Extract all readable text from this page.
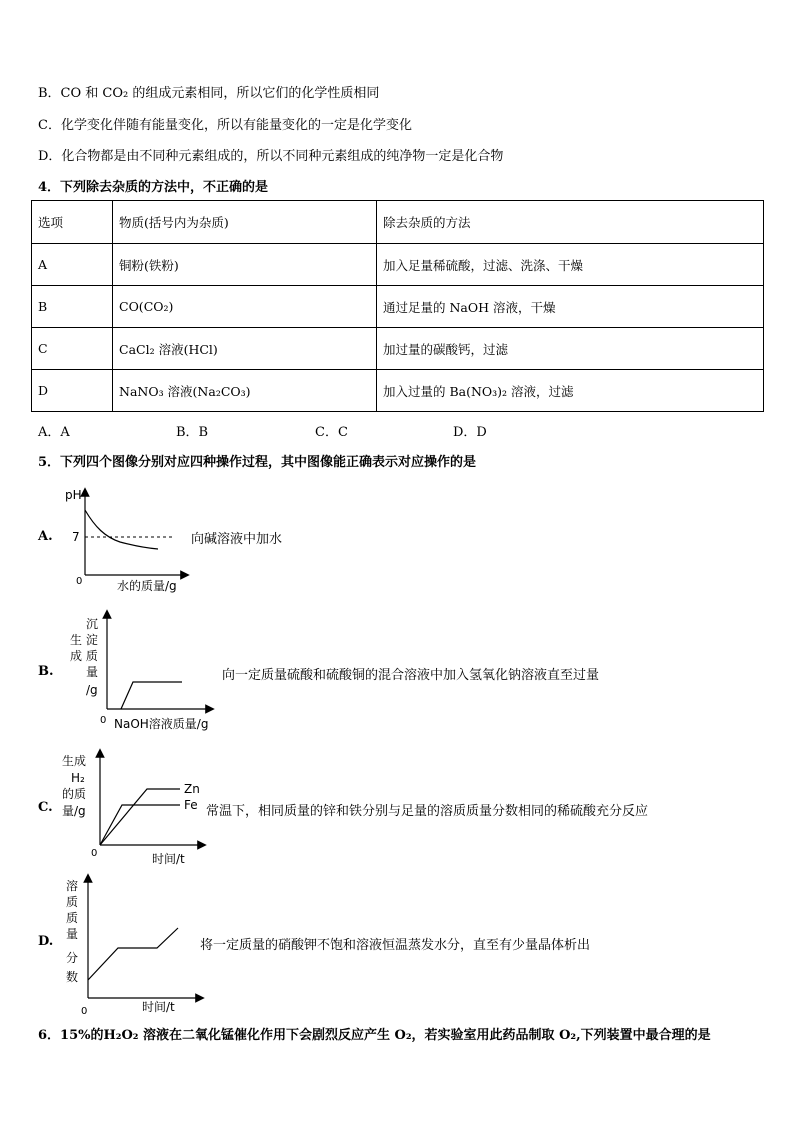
B．CO 和 CO₂ 的组成元素相同，所以它们的化学性质相同
C．化学变化伴随有能量变化，所以有能量变化的一定是化学变化
D．化合物都是由不同种元素组成的，所以不同种元素组成的纯净物一定是化合物
4．下列除去杂质的方法中，不正确的是
选项	物质(括号内为杂质)	除去杂质的方法
A	铜粉(铁粉)	加入足量稀硫酸，过滤、洗涤、干燥
B	CO(CO₂)	通过足量的 NaOH 溶液，干燥
C	CaCl₂ 溶液(HCl)	加过量的碳酸钙，过滤
D	NaNO₃ 溶液(Na₂CO₃)	加入过量的 Ba(NO₃)₂ 溶液，过滤
A．A	B．B	C．C	D．D
5．下列四个图像分别对应四种操作过程，其中图像能正确表示对应操作的是
A.
pH
7
0	水的质量/g
向碱溶液中加水
B.
沉
生 淀
成 质
量
/g
0 NaOH溶液质量/g
向一定质量硫酸和硫酸铜的混合溶液中加入氢氧化钠溶液直至过量
C.
生成
H₂
的质
量/g
Zn
Fe
0	时间/t
常温下，相同质量的锌和铁分别与足量的溶质质量分数相同的稀硫酸充分反应
D.
溶
质
质
量
分
数
0	时间/t
将一定质量的硝酸钾不饱和溶液恒温蒸发水分，直至有少量晶体析出
6．15%的H₂O₂ 溶液在二氧化锰催化作用下会剧烈反应产生 O₂，若实验室用此药品制取 O₂,下列装置中最合理的是
